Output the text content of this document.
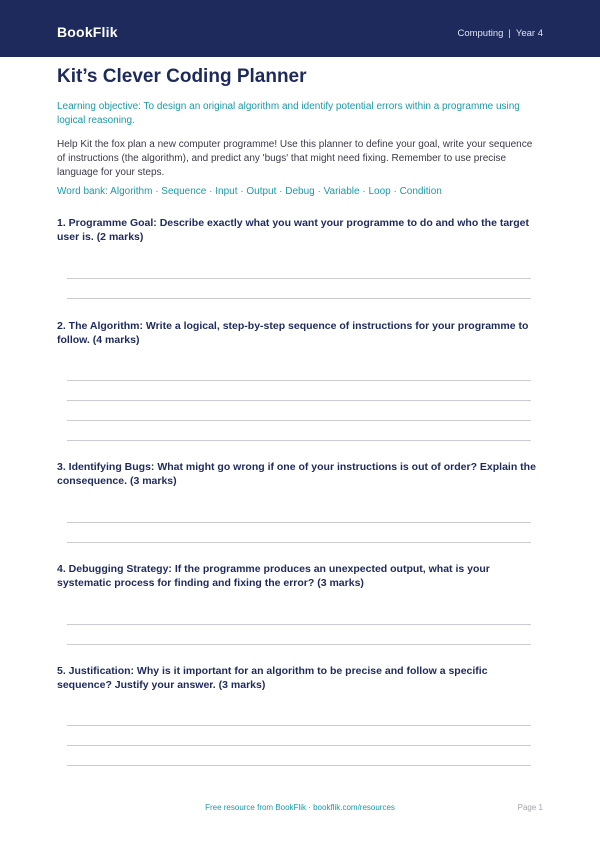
BookFlik	Computing | Year 4
Kit’s Clever Coding Planner
Learning objective: To design an original algorithm and identify potential errors within a programme using logical reasoning.
Help Kit the fox plan a new computer programme! Use this planner to define your goal, write your sequence of instructions (the algorithm), and predict any 'bugs' that might need fixing. Remember to use precise language for your steps.
Word bank: Algorithm · Sequence · Input · Output · Debug · Variable · Loop · Condition
1. Programme Goal: Describe exactly what you want your programme to do and who the target user is. (2 marks)
2. The Algorithm: Write a logical, step-by-step sequence of instructions for your programme to follow. (4 marks)
3. Identifying Bugs: What might go wrong if one of your instructions is out of order? Explain the consequence. (3 marks)
4. Debugging Strategy: If the programme produces an unexpected output, what is your systematic process for finding and fixing the error? (3 marks)
5. Justification: Why is it important for an algorithm to be precise and follow a specific sequence? Justify your answer. (3 marks)
Free resource from BookFlik · bookflik.com/resources	Page 1
